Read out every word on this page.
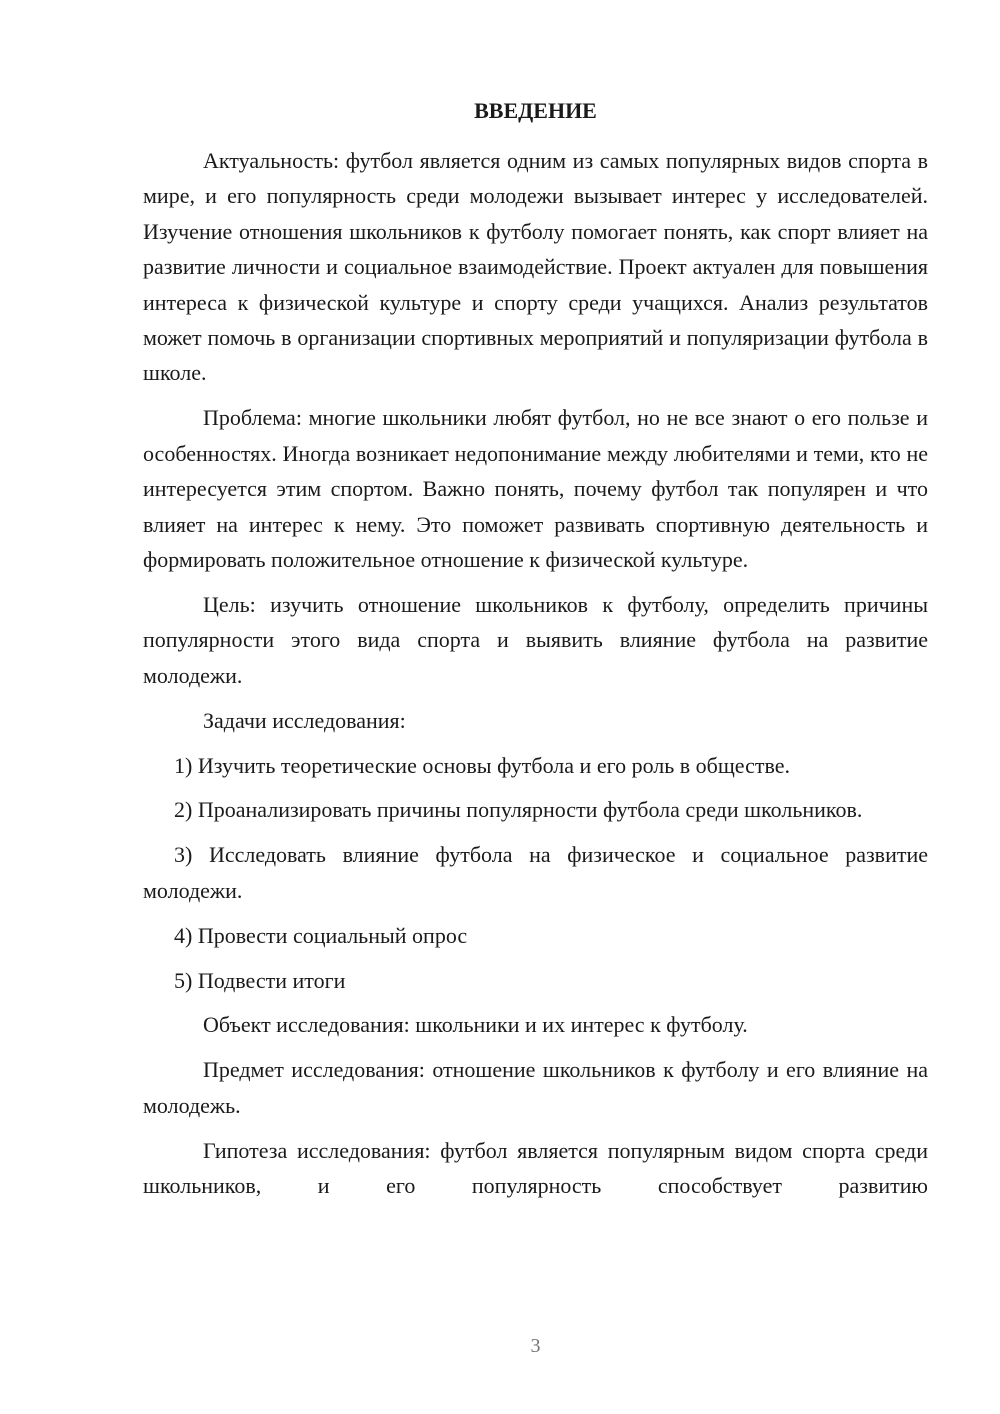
ВВЕДЕНИЕ

Актуальность: футбол является одним из самых популярных видов спорта в мире, и его популярность среди молодежи вызывает интерес у исследователей. Изучение отношения школьников к футболу помогает понять, как спорт влияет на развитие личности и социальное взаимодействие. Проект актуален для повышения интереса к физической культуре и спорту среди учащихся. Анализ результатов может помочь в организации спортивных мероприятий и популяризации футбола в школе.

Проблема: многие школьники любят футбол, но не все знают о его пользе и особенностях. Иногда возникает недопонимание между любителями и теми, кто не интересуется этим спортом. Важно понять, почему футбол так популярен и что влияет на интерес к нему. Это поможет развивать спортивную деятельность и формировать положительное отношение к физической культуре.

Цель: изучить отношение школьников к футболу, определить причины популярности этого вида спорта и выявить влияние футбола на развитие молодежи.

Задачи исследования:

1) Изучить теоретические основы футбола и его роль в обществе.

2) Проанализировать причины популярности футбола среди школьников.

3) Исследовать влияние футбола на физическое и социальное развитие молодежи.

4) Провести социальный опрос

5) Подвести итоги

Объект исследования: школьники и их интерес к футболу.

Предмет исследования: отношение школьников к футболу и его влияние на молодежь.

Гипотеза исследования: футбол является популярным видом спорта среди школьников, и его популярность способствует развитию

3
